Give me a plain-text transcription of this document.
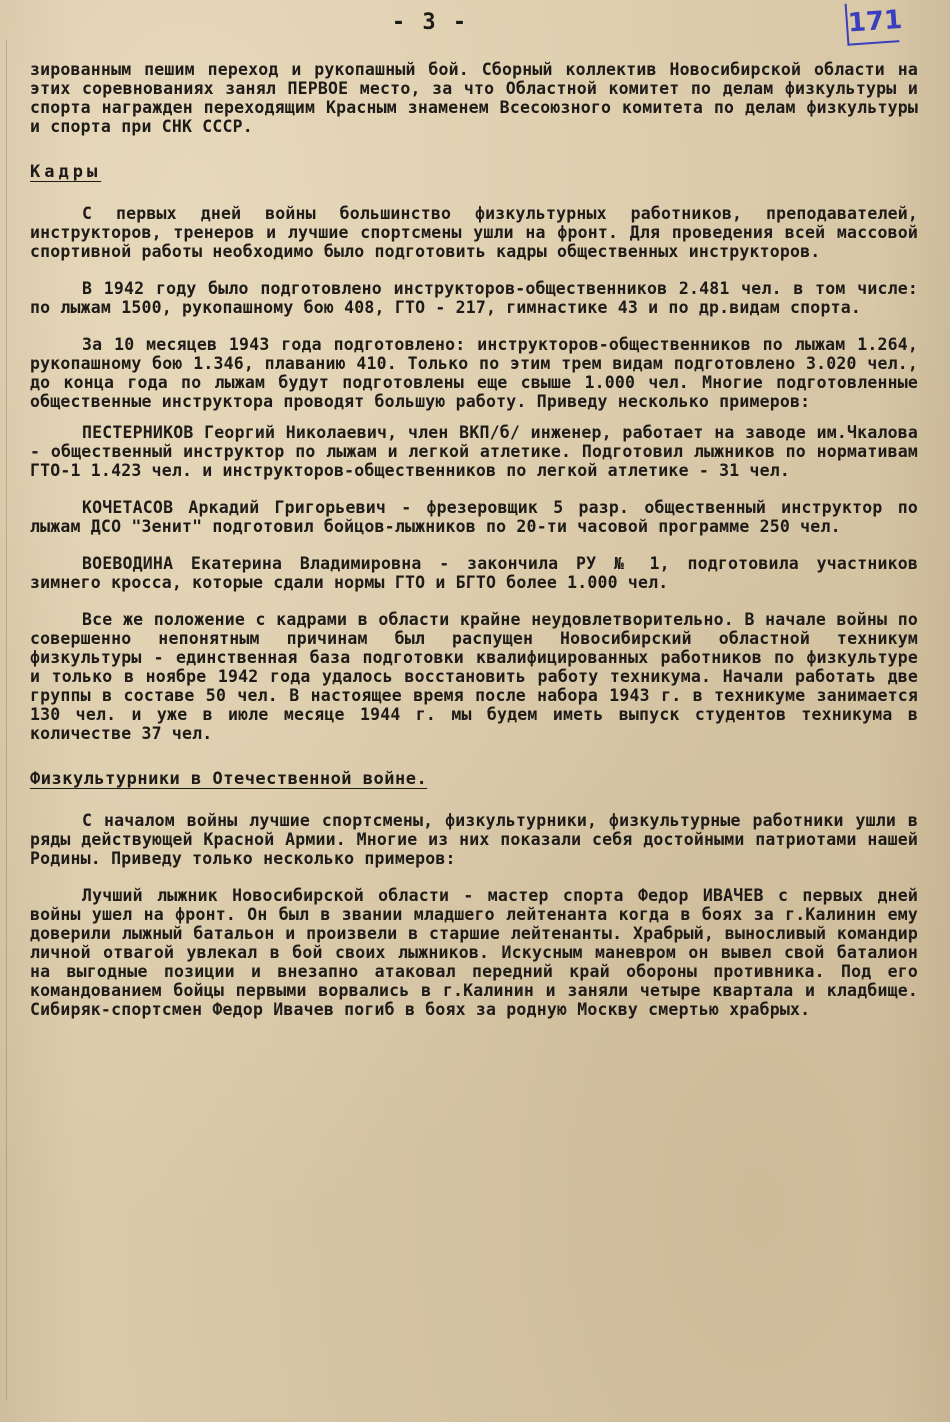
- 3 -	171

зированным пешим переход и рукопашный бой. Сборный коллектив Новосибирской области на этих соревнованиях занял ПЕРВОЕ место, за что Областной комитет по делам физкультуры и спорта награжден переходящим Красным знаменем Всесоюзного комитета по делам физкультуры и спорта при СНК СССР.

Кадры

С первых дней войны большинство физкультурных работников, преподавателей, инструкторов, тренеров и лучшие спортсмены ушли на фронт. Для проведения всей массовой спортивной работы необходимо было подготовить кадры общественных инструкторов.

В 1942 году было подготовлено инструкторов-общественников 2.481 чел. в том числе: по лыжам 1500, рукопашному бою 408, ГТО - 217, гимнастике 43 и по др.видам спорта.

За 10 месяцев 1943 года подготовлено: инструкторов-общественников по лыжам 1.264, рукопашному бою 1.346, плаванию 410. Только по этим трем видам подготовлено 3.020 чел., до конца года по лыжам будут подготовлены еще свыше 1.000 чел. Многие подготовленные общественные инструктора проводят большую работу. Приведу несколько примеров:

ПЕСТЕРНИКОВ Георгий Николаевич, член ВКП/б/ инженер, работает на заводе им.Чкалова - общественный инструктор по лыжам и легкой атлетике. Подготовил лыжников по нормативам ГТО-1 1.423 чел. и инструкторов-общественников по легкой атлетике - 31 чел.

КОЧЕТАСОВ Аркадий Григорьевич - фрезеровщик 5 разр. общественный инструктор по лыжам ДСО "Зенит" подготовил бойцов-лыжников по 20-ти часовой программе 250 чел.

ВОЕВОДИНА Екатерина Владимировна - закончила РУ № 1, подготовила участников зимнего кросса, которые сдали нормы ГТО и БГТО более 1.000 чел.

Все же положение с кадрами в области крайне неудовлетворительно. В начале войны по совершенно непонятным причинам был распущен Новосибирский областной техникум физкультуры - единственная база подготовки квалифицированных работников по физкультуре и только в ноябре 1942 года удалось восстановить работу техникума. Начали работать две группы в составе 50 чел. В настоящее время после набора 1943 г. в техникуме занимается 130 чел. и уже в июле месяце 1944 г. мы будем иметь выпуск студентов техникума в количестве 37 чел.

Физкультурники в Отечественной войне.

С началом войны лучшие спортсмены, физкультурники, физкультурные работники ушли в ряды действующей Красной Армии. Многие из них показали себя достойными патриотами нашей Родины. Приведу только несколько примеров:

Лучший лыжник Новосибирской области - мастер спорта Федор ИВАЧЕВ с первых дней войны ушел на фронт. Он был в звании младшего лейтенанта когда в боях за г.Калинин ему доверили лыжный батальон и произвели в старшие лейтенанты. Храбрый, выносливый командир личной отвагой увлекал в бой своих лыжников. Искусным маневром он вывел свой баталион на выгодные позиции и внезапно атаковал передний край обороны противника. Под его командованием бойцы первыми ворвались в г.Калинин и заняли четыре квартала и кладбище. Сибиряк-спортсмен Федор Ивачев погиб в боях за родную Москву смертью храбрых.
